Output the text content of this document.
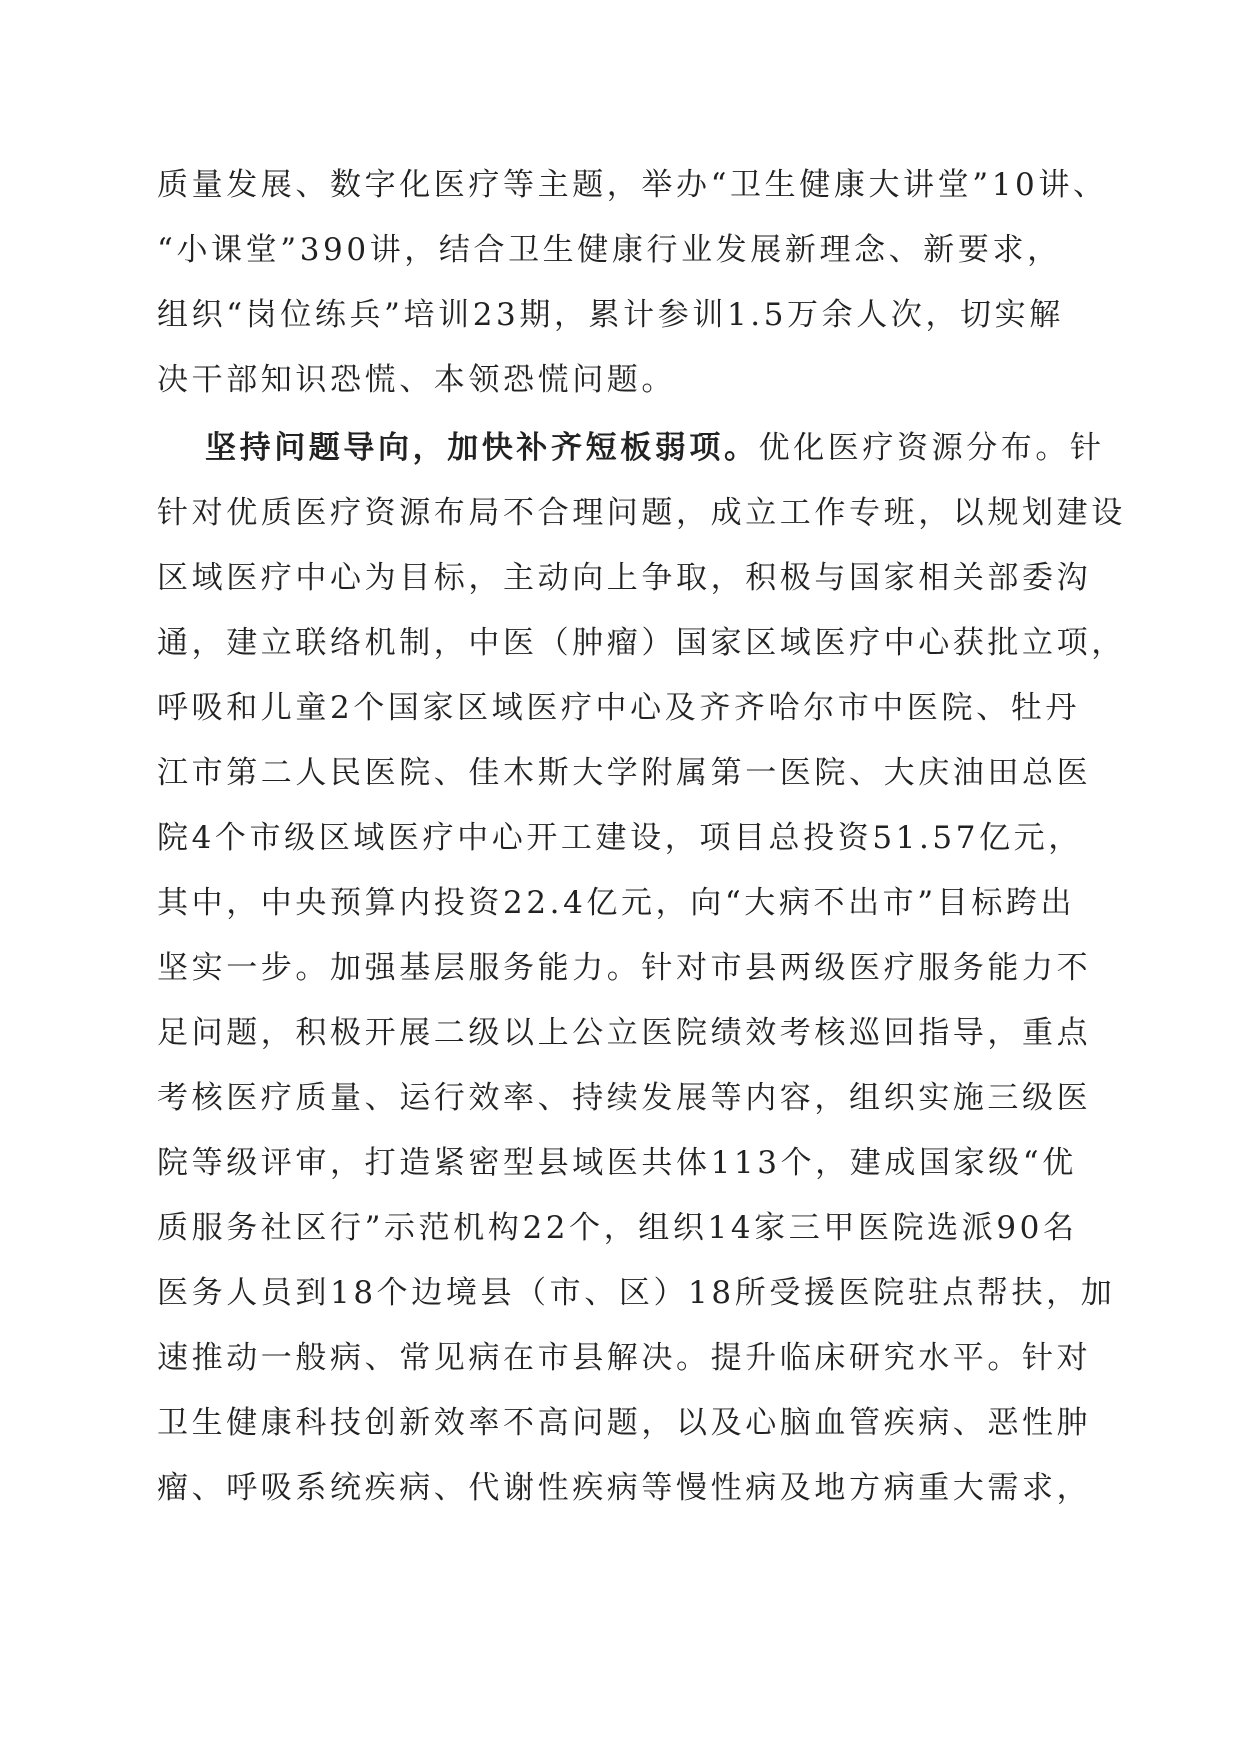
质量发展、数字化医疗等主题，举办“卫生健康大讲堂”10讲、
“小课堂”390讲，结合卫生健康行业发展新理念、新要求，
组织“岗位练兵”培训23期，累计参训1.5万余人次，切实解
决干部知识恐慌、本领恐慌问题。
坚持问题导向，加快补齐短板弱项。优化医疗资源分布。针
针对优质医疗资源布局不合理问题，成立工作专班，以规划建设
区域医疗中心为目标，主动向上争取，积极与国家相关部委沟
通，建立联络机制，中医（肿瘤）国家区域医疗中心获批立项，
呼吸和儿童2个国家区域医疗中心及齐齐哈尔市中医院、牡丹
江市第二人民医院、佳木斯大学附属第一医院、大庆油田总医
院4个市级区域医疗中心开工建设，项目总投资51.57亿元，
其中，中央预算内投资22.4亿元，向“大病不出市”目标跨出
坚实一步。加强基层服务能力。针对市县两级医疗服务能力不
足问题，积极开展二级以上公立医院绩效考核巡回指导，重点
考核医疗质量、运行效率、持续发展等内容，组织实施三级医
院等级评审，打造紧密型县域医共体113个，建成国家级“优
质服务社区行”示范机构22个，组织14家三甲医院选派90名
医务人员到18个边境县（市、区）18所受援医院驻点帮扶，加
速推动一般病、常见病在市县解决。提升临床研究水平。针对
卫生健康科技创新效率不高问题，以及心脑血管疾病、恶性肿
瘤、呼吸系统疾病、代谢性疾病等慢性病及地方病重大需求，
